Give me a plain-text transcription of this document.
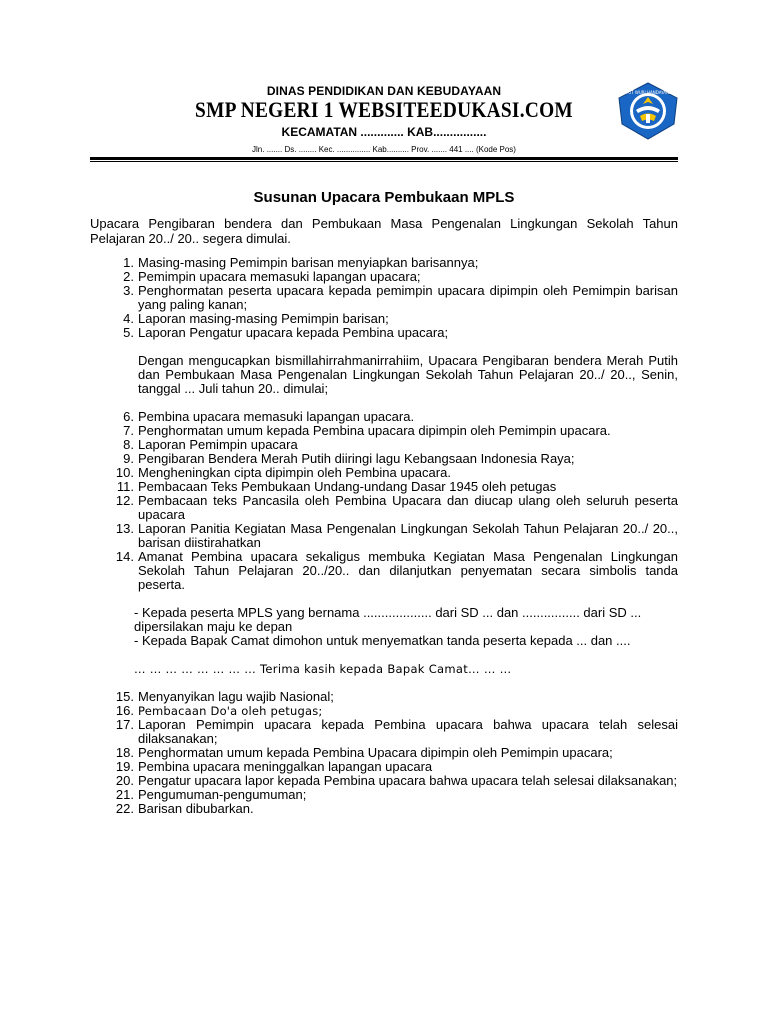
DINAS PENDIDIKAN DAN KEBUDAYAAN
SMP NEGERI 1 WEBSITEEDUKASI.COM
KECAMATAN ............. KAB................
Jln. ....... Ds. ........ Kec. ............... Kab.......... Prov. ....... 441 .... (Kode Pos)
TUT WURI HANDAYANI
Susunan Upacara Pembukaan MPLS
Upacara Pengibaran bendera dan Pembukaan Masa Pengenalan Lingkungan Sekolah Tahun Pelajaran 20../ 20.. segera dimulai.
1. Masing-masing Pemimpin barisan menyiapkan barisannya;
2. Pemimpin upacara memasuki lapangan upacara;
3. Penghormatan peserta upacara kepada pemimpin upacara dipimpin oleh Pemimpin barisan yang paling kanan;
4. Laporan masing-masing Pemimpin barisan;
5. Laporan Pengatur upacara kepada Pembina upacara;
Dengan mengucapkan bismillahirrahmanirrahiim, Upacara Pengibaran bendera Merah Putih dan Pembukaan Masa Pengenalan Lingkungan Sekolah Tahun Pelajaran 20../ 20.., Senin, tanggal ... Juli tahun 20.. dimulai;
6. Pembina upacara memasuki lapangan upacara.
7. Penghormatan umum kepada Pembina upacara dipimpin oleh Pemimpin upacara.
8. Laporan Pemimpin upacara
9. Pengibaran Bendera Merah Putih diiringi lagu Kebangsaan Indonesia Raya;
10. Mengheningkan cipta dipimpin oleh Pembina upacara.
11. Pembacaan Teks Pembukaan Undang-undang Dasar 1945 oleh petugas
12. Pembacaan teks Pancasila oleh Pembina Upacara dan diucap ulang oleh seluruh peserta upacara
13. Laporan Panitia Kegiatan Masa Pengenalan Lingkungan Sekolah Tahun Pelajaran 20../ 20.., barisan diistirahatkan
14. Amanat Pembina upacara sekaligus membuka Kegiatan Masa Pengenalan Lingkungan Sekolah Tahun Pelajaran 20../20.. dan dilanjutkan penyematan secara simbolis tanda peserta.
- Kepada peserta MPLS yang bernama ................... dari SD ... dan ................ dari SD ... dipersilakan maju ke depan
- Kepada Bapak Camat dimohon untuk menyematkan tanda peserta kepada ... dan ....
… … … … … … … … Terima kasih kepada Bapak Camat… … …
15. Menyanyikan lagu wajib Nasional;
16. Pembacaan Do'a oleh petugas;
17. Laporan Pemimpin upacara kepada Pembina upacara bahwa upacara telah selesai dilaksanakan;
18. Penghormatan umum kepada Pembina Upacara dipimpin oleh Pemimpin upacara;
19. Pembina upacara meninggalkan lapangan upacara
20. Pengatur upacara lapor kepada Pembina upacara bahwa upacara telah selesai dilaksanakan;
21. Pengumuman-pengumuman;
22. Barisan dibubarkan.
